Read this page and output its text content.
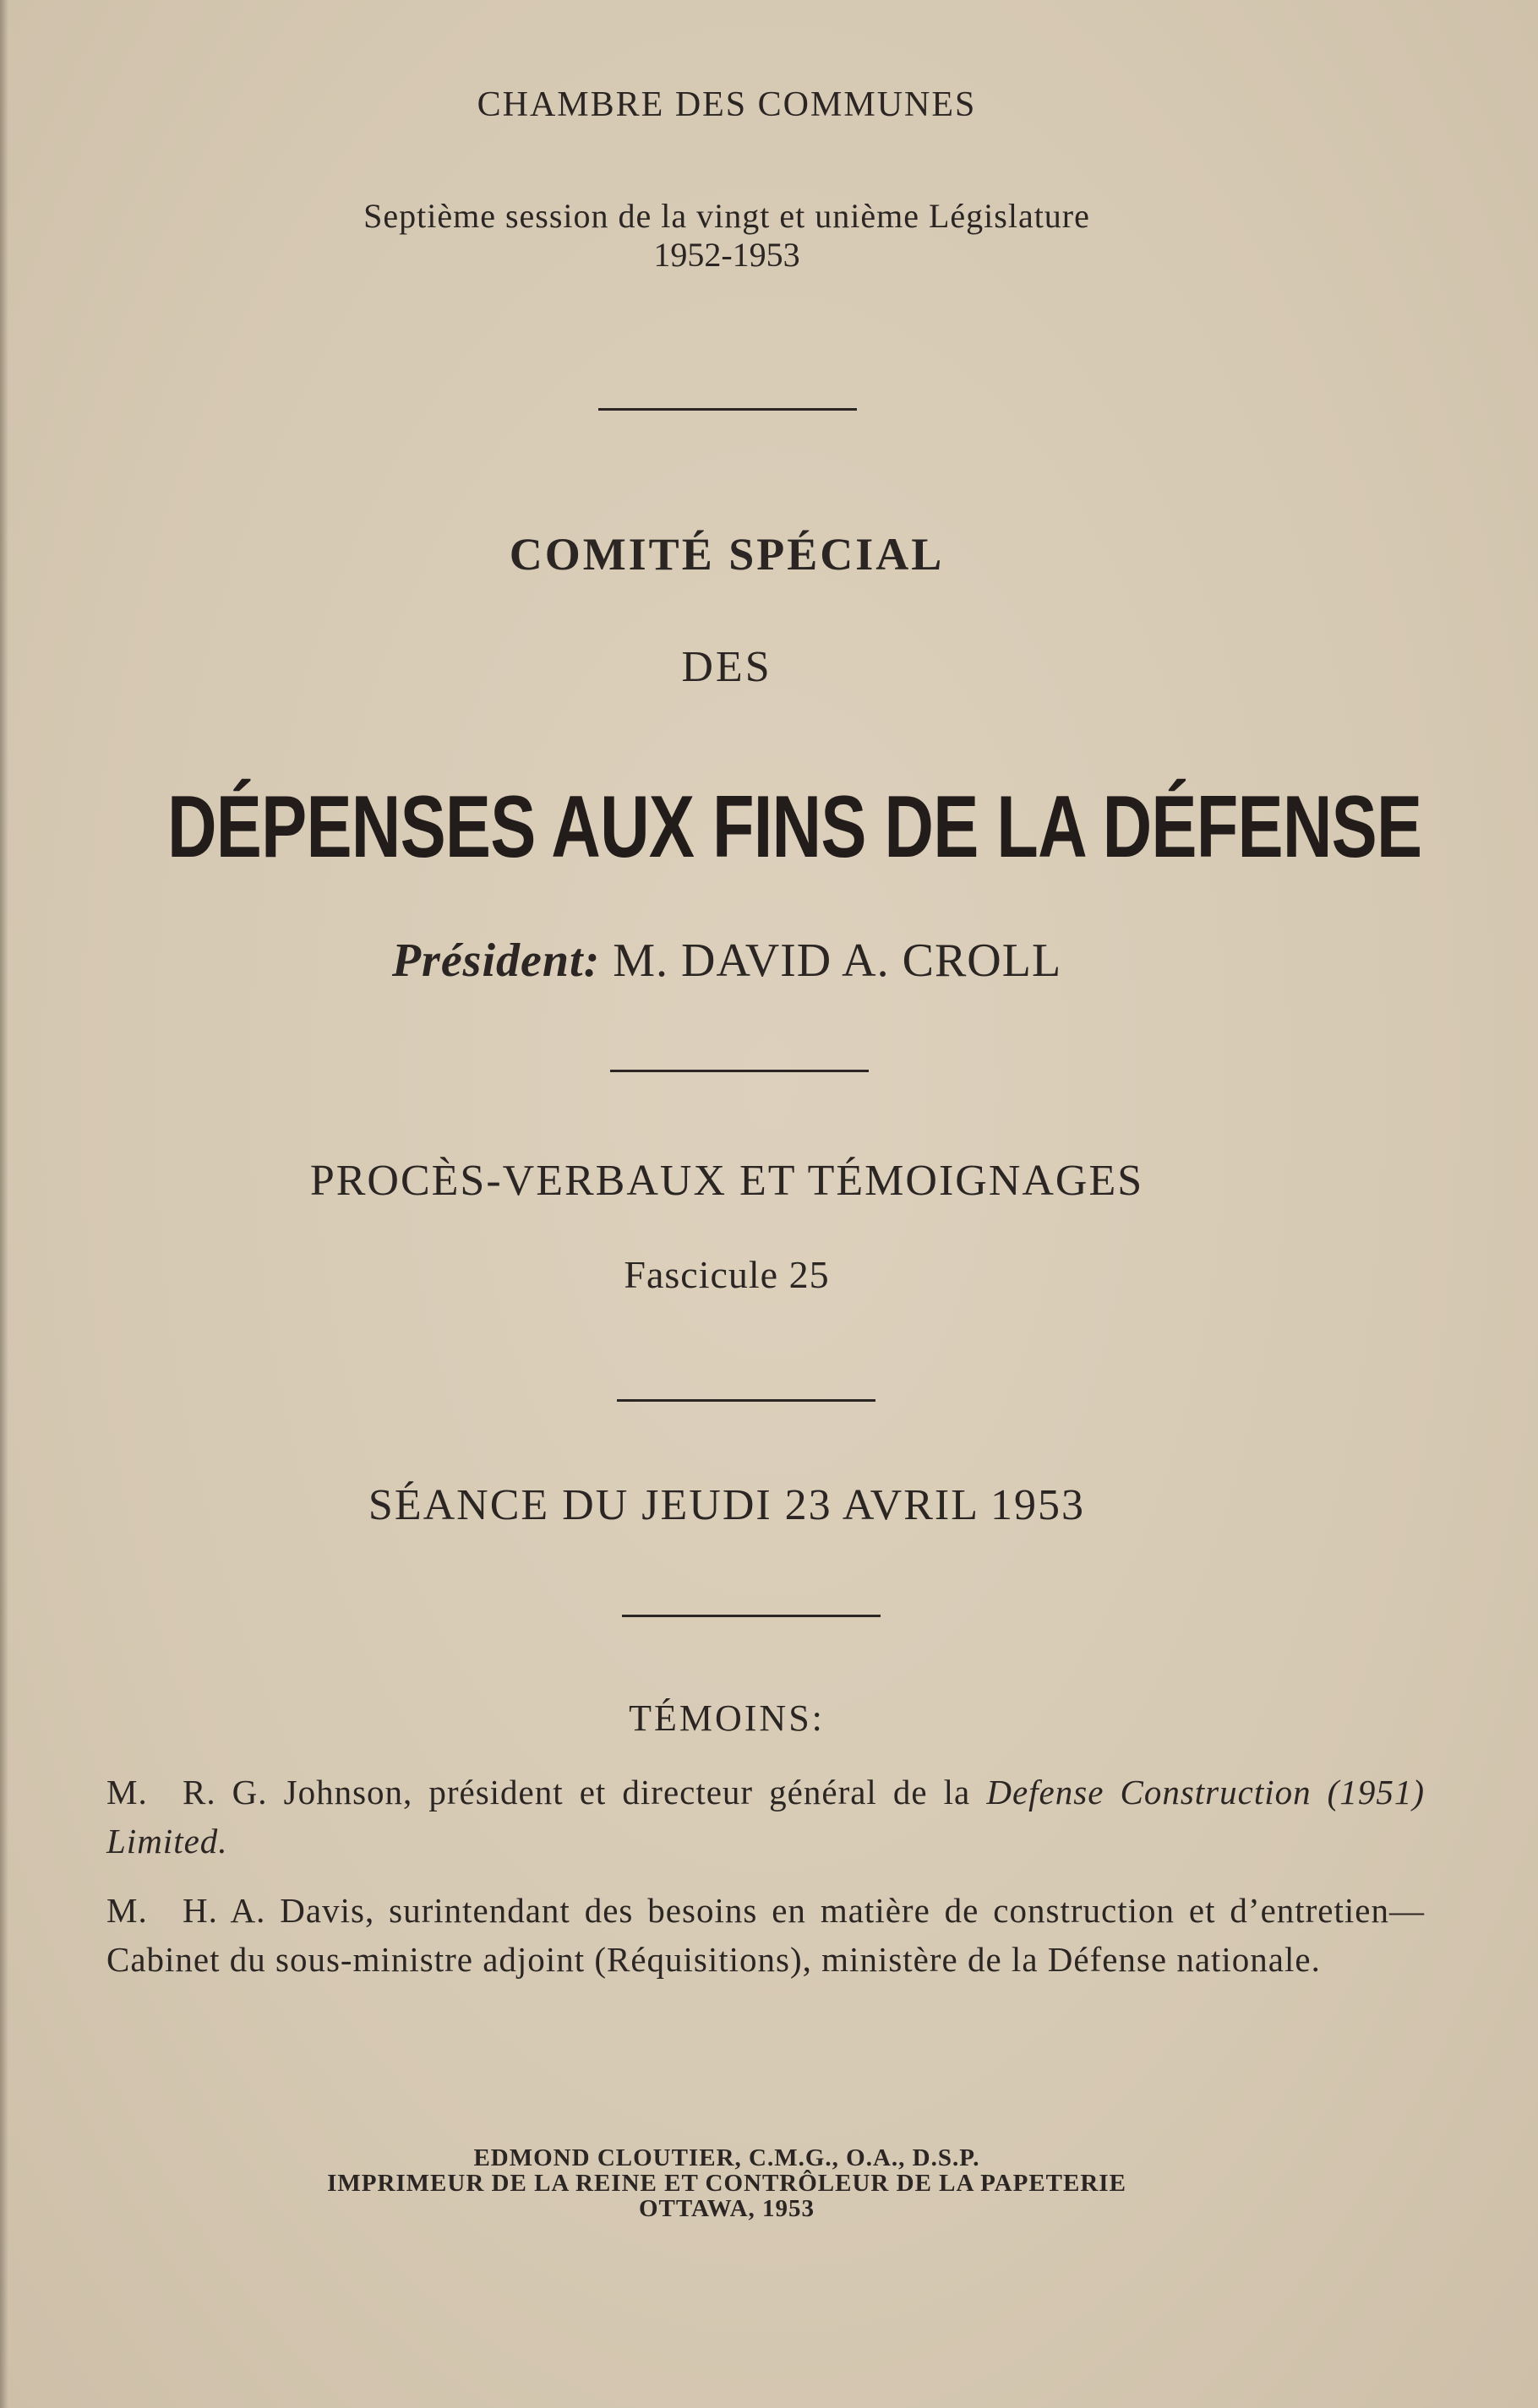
CHAMBRE DES COMMUNES
Septième session de la vingt et unième Législature
1952-1953
COMITÉ SPÉCIAL
DES
DÉPENSES AUX FINS DE LA DÉFENSE
Président: M. DAVID A. CROLL
PROCÈS-VERBAUX ET TÉMOIGNAGES
Fascicule 25
SÉANCE DU JEUDI 23 AVRIL 1953
TÉMOINS:
M. R. G. Johnson, président et directeur général de la Defense Construction (1951) Limited.
M. H. A. Davis, surintendant des besoins en matière de construction et d’entretien—Cabinet du sous-ministre adjoint (Réquisitions), ministère de la Défense nationale.
EDMOND CLOUTIER, C.M.G., O.A., D.S.P.
IMPRIMEUR DE LA REINE ET CONTRÔLEUR DE LA PAPETERIE
OTTAWA, 1953
